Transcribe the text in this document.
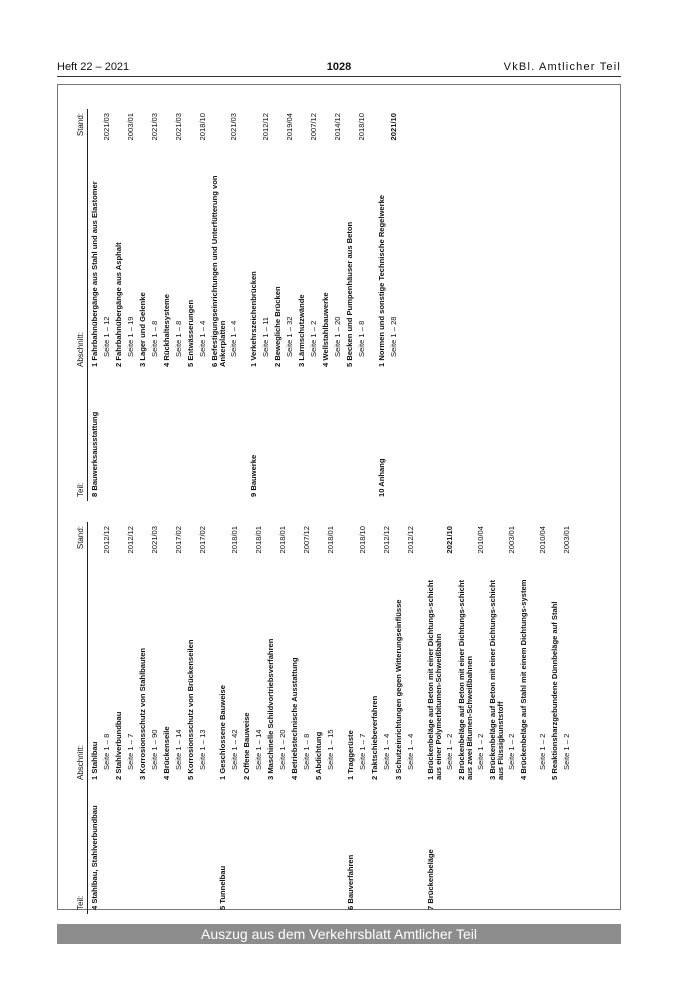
Heft 22 – 2021	1028	VkBl. Amtlicher Teil
Teil:
Abschnitt:
Stand:
8 Bauwerksausstattung
1 Fahrbahnübergänge aus Stahl und aus Elastomer Seite 1 – 12
2021/03
2 Fahrbahnübergänge aus Asphalt Seite 1 – 19
2003/01
3 Lager und Gelenke Seite 1 – 8
2021/03
4 Rückhaltesysteme Seite 1 – 8
2021/03
5 Entwässerungen Seite 1 – 4
2018/10
6 Befestigungseinrichtungen und Unterfütterung von Ankerplatten Seite 1 – 4
2021/03
9 Bauwerke
1 Verkehrszeichenbrücken Seite 1 – 11
2012/12
2 Bewegliche Brücken Seite 1 – 32
2019/04
3 Lärmschutzwände Seite 1 – 2
2007/12
4 Wellstahlbauwerke Seite 1 – 20
2014/12
5 Becken und Pumpenhäuser aus Beton Seite 1 – 8
2018/10
10 Anhang
1 Normen und sonstige Technische Regelwerke Seite 1 – 28
2021/10
Teil:
Abschnitt:
Stand:
4 Stahlbau, Stahlverbundbau
1 Stahlbau Seite 1 – 8
2012/12
2 Stahlverbundbau Seite 1 – 7
2012/12
3 Korrosionsschutz von Stahlbauten Seite 1 – 90
2021/03
4 Brückenseile Seite 1 – 14
2017/02
5 Korrosionsschutz von Brückenseilen Seite 1 – 13
2017/02
5 Tunnelbau
1 Geschlossene Bauweise Seite 1 – 42
2018/01
2 Offene Bauweise Seite 1 – 14
2018/01
3 Maschinelle Schildvortriebsverfahren Seite 1 – 20
2018/01
4 Betriebstechnische Ausstattung Seite 1 – 8
2007/12
5 Abdichtung Seite 1 – 15
2018/01
6 Bauverfahren
1 Traggerüste Seite 1 – 7
2018/10
2 Taktschiebeverfahren Seite 1 – 4
2012/12
3 Schutzeinrichtungen gegen Witterungseinflüsse Seite 1 – 4
2012/12
7 Brückenbeläge
1 Brückenbeläge auf Beton mit einer Dichtungs-schicht aus einer Polymerbitumen-Schweißbahn Seite 1 – 2
2021/10
2 Brückenbeläge auf Beton mit einer Dichtungs-schicht aus zwei Bitumen-Schweißbahnen Seite 1 – 2
2010/04
3 Brückenbeläge auf Beton mit einer Dichtungs-schicht aus Flüssigkunststoff Seite 1 – 2
2003/01
4 Brückenbeläge auf Stahl mit einem Dichtungs-system Seite 1 – 2
2010/04
5 Reaktionsharzgebundene Dünnbeläge auf Stahl Seite 1 – 2
2003/01
Auszug aus dem Verkehrsblatt Amtlicher Teil
